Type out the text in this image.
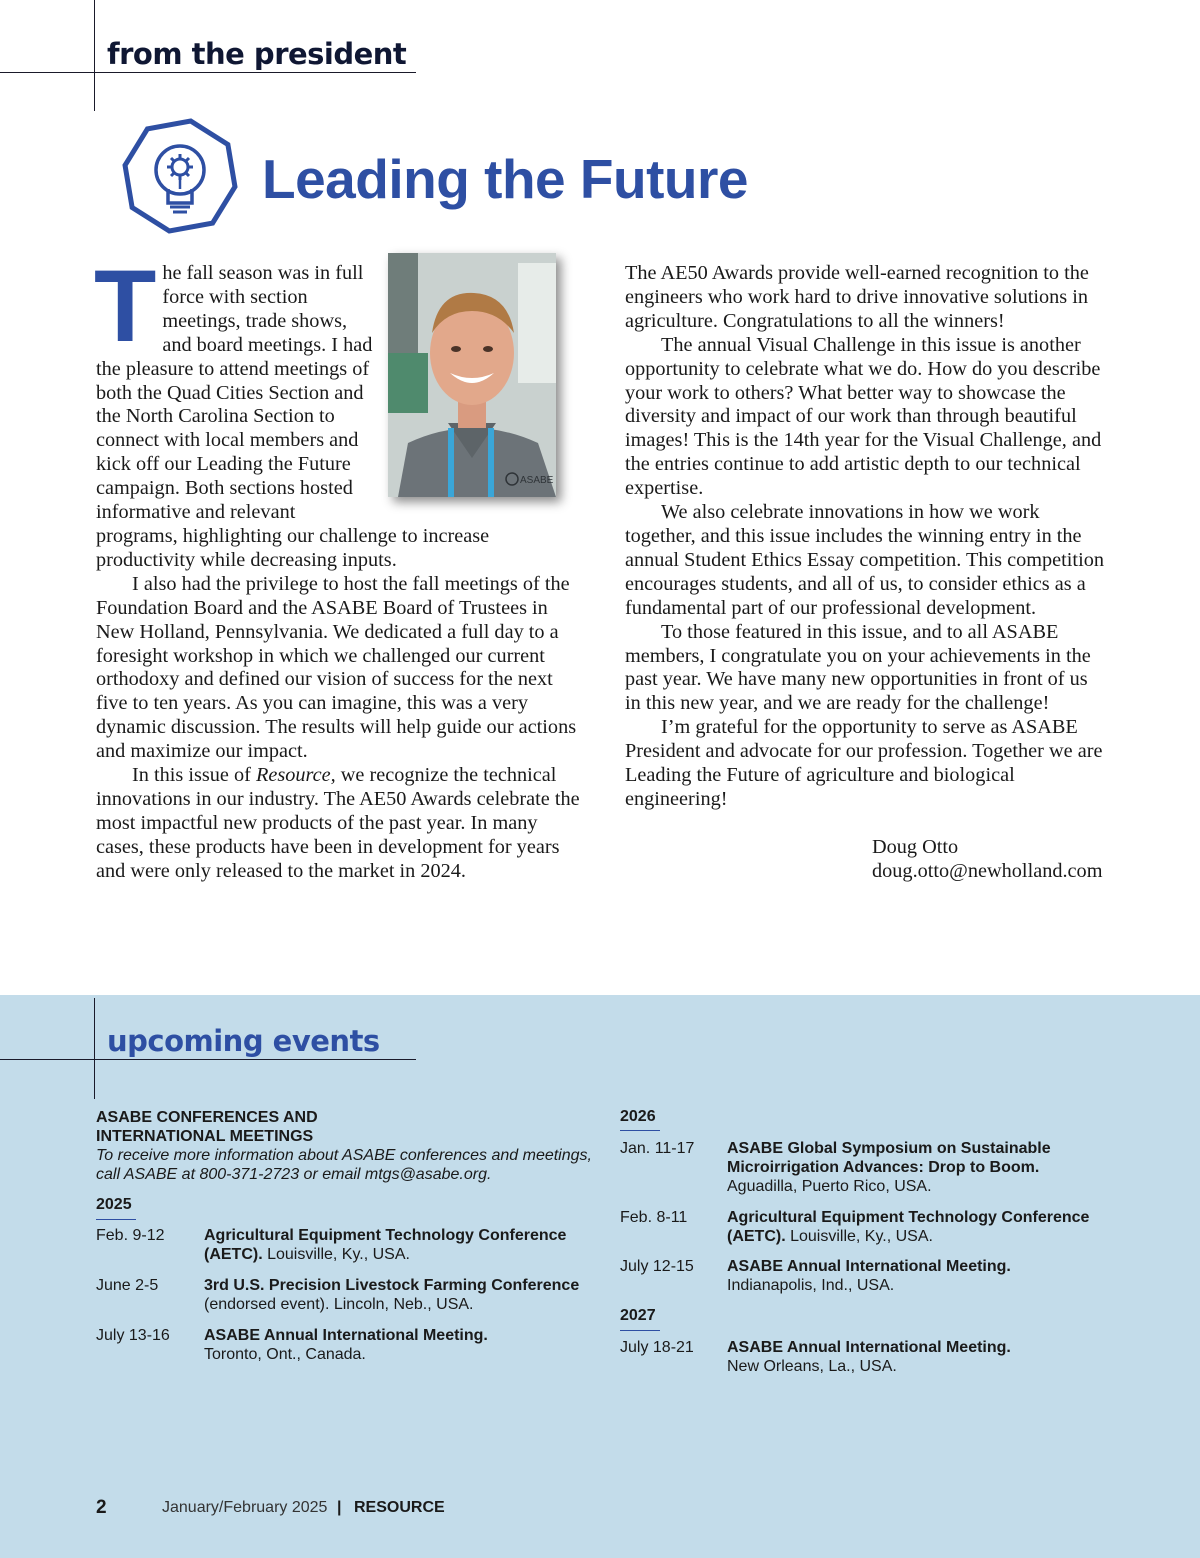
from the president
Leading the Future
ASABE

The fall season was in full force with section meetings, trade shows, and board meetings. I had the pleasure to attend meetings of both the Quad Cities Section and the North Carolina Section to connect with local members and kick off our Leading the Future campaign. Both sections hosted informative and relevant programs, highlighting our challenge to increase productivity while decreasing inputs.

I also had the privilege to host the fall meetings of the Foundation Board and the ASABE Board of Trustees in New Holland, Pennsylvania. We dedicated a full day to a foresight workshop in which we challenged our current orthodoxy and defined our vision of success for the next five to ten years. As you can imagine, this was a very dynamic discussion. The results will help guide our actions and maximize our impact.

In this issue of Resource, we recognize the technical innovations in our industry. The AE50 Awards celebrate the most impactful new products of the past year. In many cases, these products have been in development for years and were only released to the market in 2024.

The AE50 Awards provide well-earned recognition to the engineers who work hard to drive innovative solutions in agriculture. Congratulations to all the winners!

The annual Visual Challenge in this issue is another opportunity to celebrate what we do. How do you describe your work to others? What better way to showcase the diversity and impact of our work than through beautiful images! This is the 14th year for the Visual Challenge, and the entries continue to add artistic depth to our technical expertise.

We also celebrate innovations in how we work together, and this issue includes the winning entry in the annual Student Ethics Essay competition. This competition encourages students, and all of us, to consider ethics as a fundamental part of our professional development.

To those featured in this issue, and to all ASABE members, I congratulate you on your achievements in the past year. We have many new opportunities in front of us in this new year, and we are ready for the challenge!

I’m grateful for the opportunity to serve as ASABE President and advocate for our profession. Together we are Leading the Future of agriculture and biological engineering!

Doug Otto
doug.otto@newholland.com
upcoming events
ASABE CONFERENCES AND
INTERNATIONAL MEETINGS
To receive more information about ASABE conferences and meetings,
call ASABE at 800-371-2723 or email mtgs@asabe.org.
2025
Feb. 9-12 Agricultural Equipment Technology Conference (AETC). Louisville, Ky., USA.
June 2-5	3rd U.S. Precision Livestock Farming Conference (endorsed event). Lincoln, Neb., USA.
July 13-16 ASABE Annual International Meeting. Toronto, Ont., Canada.
2026
Jan. 11-17 ASABE Global Symposium on Sustainable Microirrigation Advances: Drop to Boom. Aguadilla, Puerto Rico, USA.
Feb. 8-11 Agricultural Equipment Technology Conference (AETC). Louisville, Ky., USA.
July 12-15 ASABE Annual International Meeting. Indianapolis, Ind., USA.
2027
July 18-21 ASABE Annual International Meeting. New Orleans, La., USA.
2	January/February 2025 | RESOURCE
